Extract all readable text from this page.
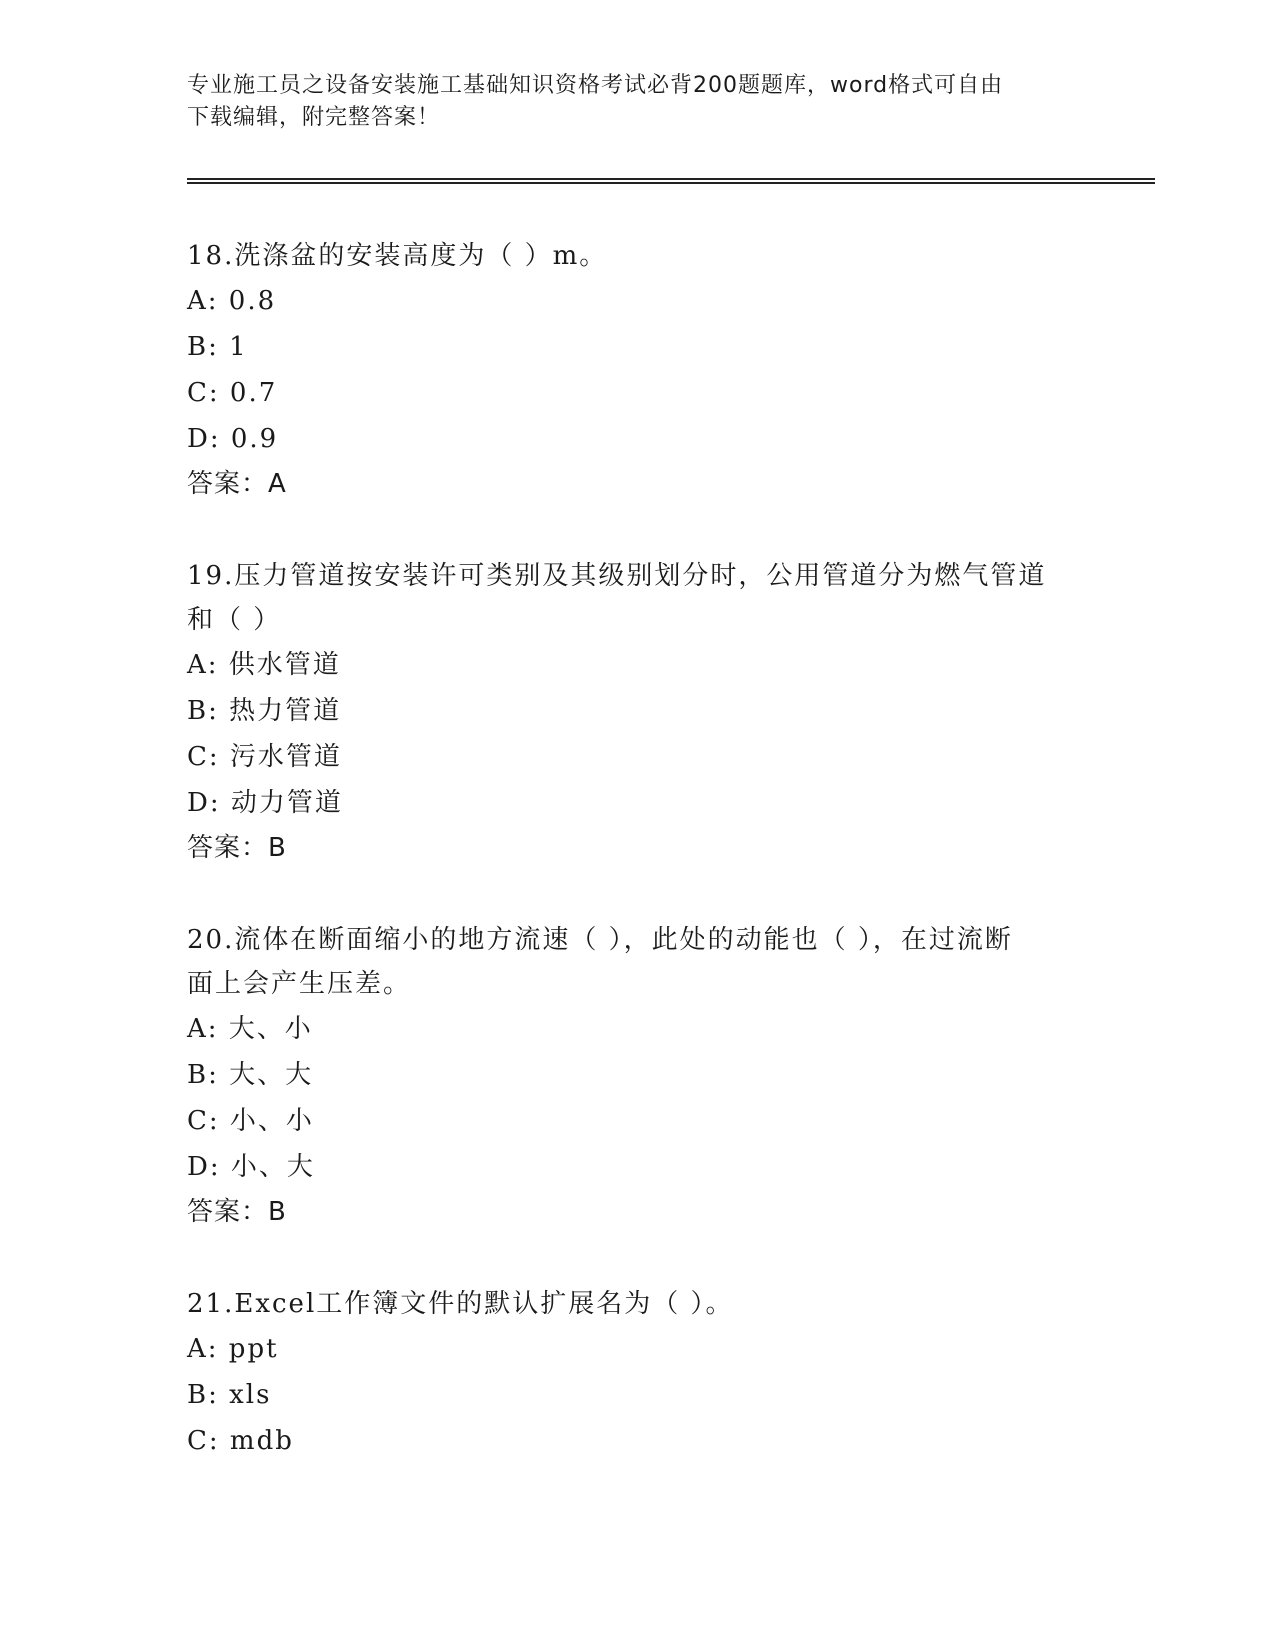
专业施工员之设备安装施工基础知识资格考试必背200题题库，word格式可自由
下载编辑，附完整答案！
18.洗涤盆的安装高度为（ ）m。
A: 0.8
B: 1
C: 0.7
D: 0.9
答案：A
19.压力管道按安装许可类别及其级别划分时，公用管道分为燃气管道
和（ ）
A: 供水管道
B: 热力管道
C: 污水管道
D: 动力管道
答案：B
20.流体在断面缩小的地方流速（ ），此处的动能也（ ），在过流断
面上会产生压差。
A: 大、小
B: 大、大
C: 小、小
D: 小、大
答案：B
21.Excel工作簿文件的默认扩展名为（ ）。
A: ppt
B: xls
C: mdb
